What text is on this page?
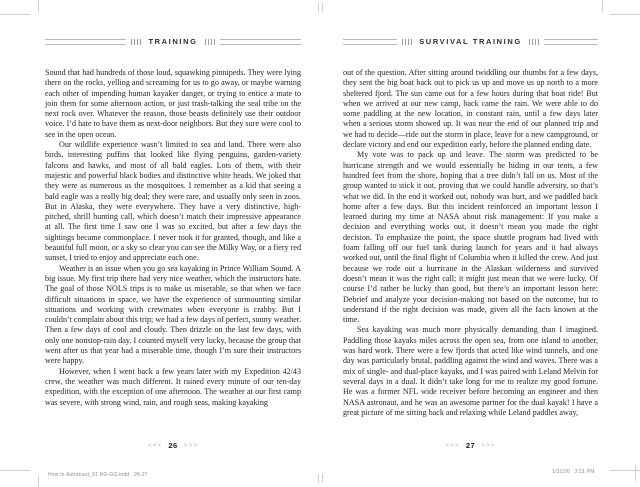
TRAINING

Sound that had hundreds of those loud, squawking pinnipeds. They were lying there on the rocks, yelling and screaming for us to go away, or maybe warning each other of impending human kayaker danger, or trying to entice a mate to join them for some afternoon action, or just trash-talking the seal tribe on the next rock over. Whatever the reason, those beasts definitely use their outdoor voice. I’d hate to have them as next-door neighbors. But they sure were cool to see in the open ocean.

Our wildlife experience wasn’t limited to sea and land. There were also birds, interesting puffins that looked like flying penguins, garden-variety falcons and hawks, and most of all bald eagles. Lots of them, with their majestic and powerful black bodies and distinctive white heads. We joked that they were as numerous as the mosquitoes. I remember as a kid that seeing a bald eagle was a really big deal; they were rare, and usually only seen in zoos. But in Alaska, they were everywhere. They have a very distinctive, high-pitched, shrill hunting call, which doesn’t match their impressive appearance at all. The first time I saw one I was so excited, but after a few days the sightings became commonplace. I never took it for granted, though, and like a beautiful full moon, or a sky so clear you can see the Milky Way, or a fiery red sunset, I tried to enjoy and appreciate each one.

Weather is an issue when you go sea kayaking in Prince William Sound. A big issue. My first trip there had very nice weather, which the instructors hate. The goal of those NOLS trips is to make us miserable, so that when we face difficult situations in space, we have the experience of surmounting similar situations and working with crewmates when everyone is crabby. But I couldn’t complain about this trip; we had a few days of perfect, sunny weather. Then a few days of cool and cloudy. Then drizzle on the last few days, with only one nonstop-rain day. I counted myself very lucky, because the group that went after us that year had a miserable time, though I’m sure their instructors were happy.

However, when I went back a few years later with my Expedition 42/43 crew, the weather was much different. It rained every minute of our ten-day expedition, with the exception of one afternoon. The weather at our first camp was severe, with strong wind, rain, and rough seas, making kayaking

<<< 26 >>>
SURVIVAL TRAINING

out of the question. After sitting around twiddling our thumbs for a few days, they sent the big boat back out to pick us up and move us up north to a more sheltered fjord. The sun came out for a few hours during that boat ride! But when we arrived at our new camp, back came the rain. We were able to do some paddling at the new location, in constant rain, until a few days later when a serious storm showed up. It was near the end of our planned trip and we had to decide—ride out the storm in place, leave for a new campground, or declare victory and end our expedition early, before the planned ending date.

My vote was to pack up and leave. The storm was predicted to be hurricane strength and we would essentially be hiding in our tents, a few hundred feet from the shore, hoping that a tree didn’t fall on us. Most of the group wanted to stick it out, proving that we could handle adversity, so that’s what we did. In the end it worked out, nobody was hurt, and we paddled back home after a few days. But this incident reinforced an important lesson I learned during my time at NASA about risk management: If you make a decision and everything works out, it doesn’t mean you made the right decision. To emphasize the point, the space shuttle program had lived with foam falling off our fuel tank during launch for years and it had always worked out, until the final flight of Columbia when it killed the crew. And just because we rode out a hurricane in the Alaskan wilderness and survived doesn’t mean it was the right call; it might just mean that we were lucky. Of course I’d rather be lucky than good, but there’s an important lesson here: Debrief and analyze your decision-making not based on the outcome, but to understand if the right decision was made, given all the facts known at the time.

Sea kayaking was much more physically demanding than I imagined. Paddling those kayaks miles across the open sea, from one island to another, was hard work. There were a few fjords that acted like wind tunnels, and one day was particularly brutal, paddling against the wind and waves. There was a mix of single- and dual-place kayaks, and I was paired with Leland Melvin for several days in a dual. It didn’t take long for me to realize my good fortune. He was a former NFL wide receiver before becoming an engineer and then NASA astronaut, and he was an awesome partner for the dual kayak! I have a great picture of me sitting back and relaxing while Leland paddles away,

<<< 27 >>>
How to Astronaut_01 BG-GG.indd   26-27	1/31/20   2:11 PM
